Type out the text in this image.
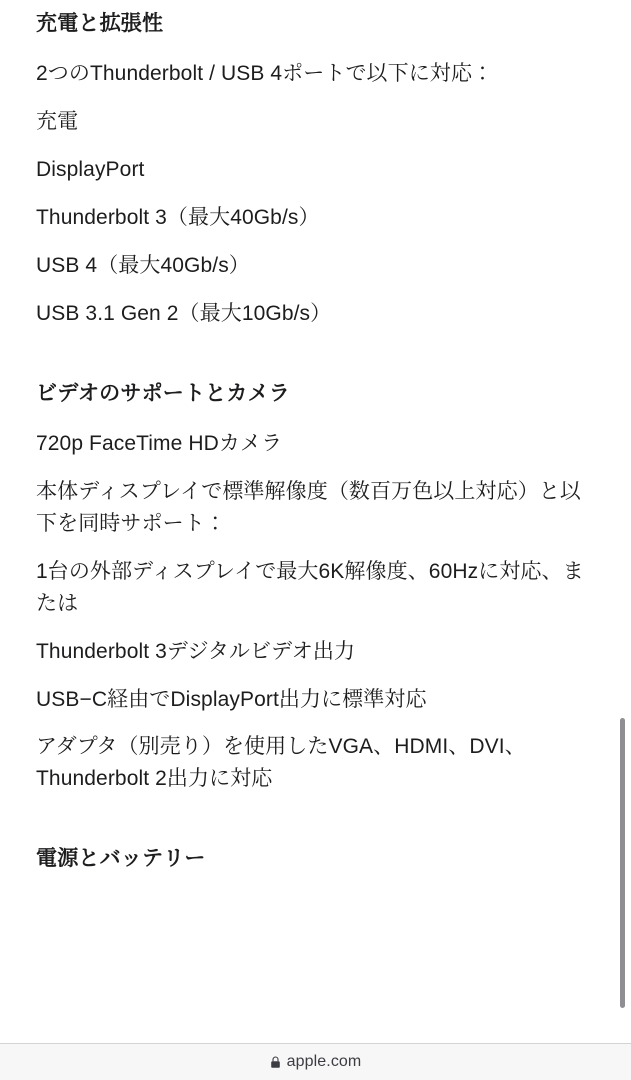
充電と拡張性

2つのThunderbolt / USB 4ポートで以下に対応：

充電

DisplayPort

Thunderbolt 3（最大40Gb/s）

USB 4（最大40Gb/s）

USB 3.1 Gen 2（最大10Gb/s）

ビデオのサポートとカメラ

720p FaceTime HDカメラ

本体ディスプレイで標準解像度（数百万色以上対応）と以下を同時サポート：

1台の外部ディスプレイで最大6K解像度、60Hzに対応、または

Thunderbolt 3デジタルビデオ出力

USB−C経由でDisplayPort出力に標準対応

アダプタ（別売り）を使用したVGA、HDMI、DVI、Thunderbolt 2出力に対応

電源とバッテリー
apple.com
